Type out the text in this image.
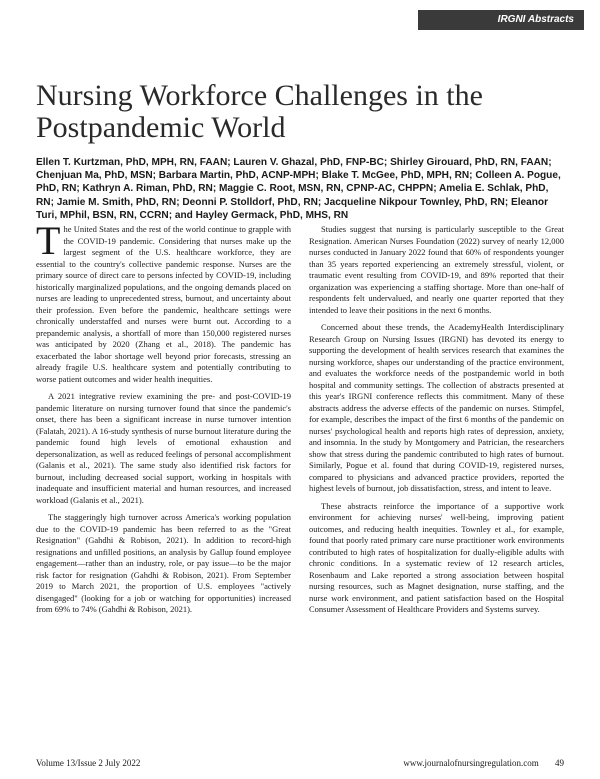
IRGNI Abstracts
Nursing Workforce Challenges in the Postpandemic World
Ellen T. Kurtzman, PhD, MPH, RN, FAAN; Lauren V. Ghazal, PhD, FNP-BC; Shirley Girouard, PhD, RN, FAAN; Chenjuan Ma, PhD, MSN; Barbara Martin, PhD, ACNP-MPH; Blake T. McGee, PhD, MPH, RN; Colleen A. Pogue, PhD, RN; Kathryn A. Riman, PhD, RN; Maggie C. Root, MSN, RN, CPNP-AC, CHPPN; Amelia E. Schlak, PhD, RN; Jamie M. Smith, PhD, RN; Deonni P. Stolldorf, PhD, RN; Jacqueline Nikpour Townley, PhD, RN; Eleanor Turi, MPhil, BSN, RN, CCRN; and Hayley Germack, PhD, MHS, RN

T he United States and the rest of the world continue to grapple with the COVID-19 pandemic. Considering that nurses make up the largest segment of the U.S. healthcare workforce, they are essential to the country's collective pandemic response. Nurses are the primary source of direct care to persons infected by COVID-19, including historically marginalized populations, and the ongoing demands placed on nurses are leading to unprecedented stress, burnout, and uncertainty about their profession. Even before the pandemic, healthcare settings were chronically understaffed and nurses were burnt out. According to a prepandemic analysis, a shortfall of more than 150,000 registered nurses was anticipated by 2020 (Zhang et al., 2018). The pandemic has exacerbated the labor shortage well beyond prior forecasts, stressing an already fragile U.S. healthcare system and potentially contributing to worse patient outcomes and wider health inequities.

A 2021 integrative review examining the pre- and post-COVID-19 pandemic literature on nursing turnover found that since the pandemic's onset, there has been a significant increase in nurse turnover intention (Falatah, 2021). A 16-study synthesis of nurse burnout literature during the pandemic found high levels of emotional exhaustion and depersonalization, as well as reduced feelings of personal accomplishment (Galanis et al., 2021). The same study also identified risk factors for burnout, including decreased social support, working in hospitals with inadequate and insufficient material and human resources, and increased workload (Galanis et al., 2021).

The staggeringly high turnover across America's working population due to the COVID-19 pandemic has been referred to as the "Great Resignation" (Gahdhi & Robison, 2021). In addition to record-high resignations and unfilled positions, an analysis by Gallup found employee engagement—rather than an industry, role, or pay issue—to be the major risk factor for resignation (Gahdhi & Robison, 2021). From September 2019 to March 2021, the proportion of U.S. employees "actively disengaged" (looking for a job or watching for opportunities) increased from 69% to 74% (Gahdhi & Robison, 2021).

Studies suggest that nursing is particularly susceptible to the Great Resignation. American Nurses Foundation (2022) survey of nearly 12,000 nurses conducted in January 2022 found that 60% of respondents younger than 35 years reported experiencing an extremely stressful, violent, or traumatic event resulting from COVID-19, and 89% reported that their organization was experiencing a staffing shortage. More than one-half of respondents felt undervalued, and nearly one quarter reported that they intended to leave their positions in the next 6 months.

Concerned about these trends, the AcademyHealth Interdisciplinary Research Group on Nursing Issues (IRGNI) has devoted its energy to supporting the development of health services research that examines the nursing workforce, shapes our understanding of the practice environment, and evaluates the workforce needs of the postpandemic world in both hospital and community settings. The collection of abstracts presented at this year's IRGNI conference reflects this commitment. Many of these abstracts address the adverse effects of the pandemic on nurses. Stimpfel, for example, describes the impact of the first 6 months of the pandemic on nurses' psychological health and reports high rates of depression, anxiety, and insomnia. In the study by Montgomery and Patrician, the researchers show that stress during the pandemic contributed to high rates of burnout. Similarly, Pogue et al. found that during COVID-19, registered nurses, compared to physicians and advanced practice providers, reported the highest levels of burnout, job dissatisfaction, stress, and intent to leave.

These abstracts reinforce the importance of a supportive work environment for achieving nurses' well-being, improving patient outcomes, and reducing health inequities. Townley et al., for example, found that poorly rated primary care nurse practitioner work environments contributed to high rates of hospitalization for dually-eligible adults with chronic conditions. In a systematic review of 12 research articles, Rosenbaum and Lake reported a strong association between hospital nursing resources, such as Magnet designation, nurse staffing, and the nurse work environment, and patient satisfaction based on the Hospital Consumer Assessment of Healthcare Providers and Systems survey.

Volume 13/Issue 2 July 2022	www.journalofnursingregulation.com 49
